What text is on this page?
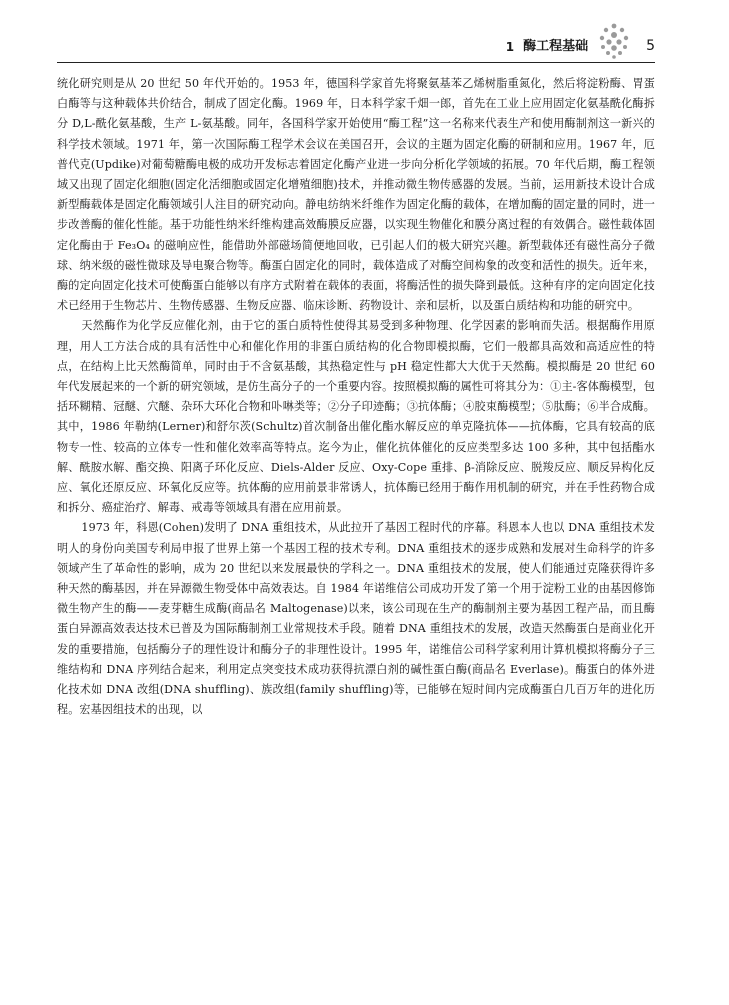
1 酶工程基础	5

统化研究则是从 20 世纪 50 年代开始的。1953 年，德国科学家首先将聚氨基苯乙烯树脂重氮化，然后将淀粉酶、胃蛋白酶等与这种载体共价结合，制成了固定化酶。1969 年，日本科学家千畑一郎，首先在工业上应用固定化氨基酰化酶拆分 D,L-酰化氨基酸，生产 L-氨基酸。同年，各国科学家开始使用“酶工程”这一名称来代表生产和使用酶制剂这一新兴的科学技术领域。1971 年，第一次国际酶工程学术会议在美国召开，会议的主题为固定化酶的研制和应用。1967 年，厄普代克(Updike)对葡萄糖酶电极的成功开发标志着固定化酶产业进一步向分析化学领域的拓展。70 年代后期，酶工程领域又出现了固定化细胞(固定化活细胞或固定化增殖细胞)技术，并推动微生物传感器的发展。当前，运用新技术设计合成新型酶载体是固定化酶领域引人注目的研究动向。静电纺纳米纤维作为固定化酶的载体，在增加酶的固定量的同时，进一步改善酶的催化性能。基于功能性纳米纤维构建高效酶膜反应器，以实现生物催化和膜分离过程的有效偶合。磁性载体固定化酶由于 Fe₃O₄ 的磁响应性，能借助外部磁场简便地回收，已引起人们的极大研究兴趣。新型载体还有磁性高分子微球、纳米级的磁性微球及导电聚合物等。酶蛋白固定化的同时，载体造成了对酶空间构象的改变和活性的损失。近年来，酶的定向固定化技术可使酶蛋白能够以有序方式附着在载体的表面，将酶活性的损失降到最低。这种有序的定向固定化技术已经用于生物芯片、生物传感器、生物反应器、临床诊断、药物设计、亲和层析，以及蛋白质结构和功能的研究中。

天然酶作为化学反应催化剂，由于它的蛋白质特性使得其易受到多种物理、化学因素的影响而失活。根据酶作用原理，用人工方法合成的具有活性中心和催化作用的非蛋白质结构的化合物即模拟酶，它们一般都具高效和高适应性的特点，在结构上比天然酶简单，同时由于不含氨基酸，其热稳定性与 pH 稳定性都大大优于天然酶。模拟酶是 20 世纪 60 年代发展起来的一个新的研究领域，是仿生高分子的一个重要内容。按照模拟酶的属性可将其分为：①主-客体酶模型，包括环糊精、冠醚、穴醚、杂环大环化合物和卟啉类等；②分子印迹酶；③抗体酶；④胶束酶模型；⑤肽酶；⑥半合成酶。其中，1986 年勒纳(Lerner)和舒尔茨(Schultz)首次制备出催化酯水解反应的单克隆抗体——抗体酶，它具有较高的底物专一性、较高的立体专一性和催化效率高等特点。迄今为止，催化抗体催化的反应类型多达 100 多种，其中包括酯水解、酰胺水解、酯交换、阳离子环化反应、Diels-Alder 反应、Oxy-Cope 重排、β-消除反应、脱羧反应、顺反异构化反应、氧化还原反应、环氧化反应等。抗体酶的应用前景非常诱人，抗体酶已经用于酶作用机制的研究，并在手性药物合成和拆分、癌症治疗、解毒、戒毒等领域具有潜在应用前景。

1973 年，科恩(Cohen)发明了 DNA 重组技术，从此拉开了基因工程时代的序幕。科恩本人也以 DNA 重组技术发明人的身份向美国专利局申报了世界上第一个基因工程的技术专利。DNA 重组技术的逐步成熟和发展对生命科学的许多领域产生了革命性的影响，成为 20 世纪以来发展最快的学科之一。DNA 重组技术的发展，使人们能通过克隆获得许多种天然的酶基因，并在异源微生物受体中高效表达。自 1984 年诺维信公司成功开发了第一个用于淀粉工业的由基因修饰微生物产生的酶——麦芽糖生成酶(商品名 Maltogenase)以来，该公司现在生产的酶制剂主要为基因工程产品，而且酶蛋白异源高效表达技术已普及为国际酶制剂工业常规技术手段。随着 DNA 重组技术的发展，改造天然酶蛋白是商业化开发的重要措施，包括酶分子的理性设计和酶分子的非理性设计。1995 年，诺维信公司科学家利用计算机模拟将酶分子三维结构和 DNA 序列结合起来，利用定点突变技术成功获得抗漂白剂的碱性蛋白酶(商品名 Everlase)。酶蛋白的体外进化技术如 DNA 改组(DNA shuffling)、族改组(family shuffling)等，已能够在短时间内完成酶蛋白几百万年的进化历程。宏基因组技术的出现，以
